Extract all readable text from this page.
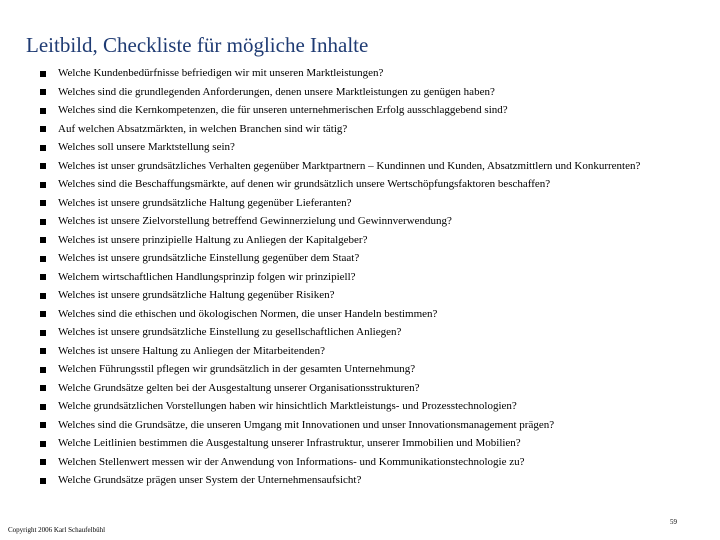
Leitbild, Checkliste für mögliche Inhalte
Welche Kundenbedürfnisse befriedigen wir mit unseren Marktleistungen?
Welches sind die grundlegenden Anforderungen, denen unsere Marktleistungen zu genügen haben?
Welches sind die Kernkompetenzen, die für unseren unternehmerischen Erfolg ausschlaggebend sind?
Auf welchen Absatzmärkten, in welchen Branchen sind wir tätig?
Welches soll unsere Marktstellung sein?
Welches ist unser grundsätzliches Verhalten gegenüber Marktpartnern – Kundinnen und Kunden, Absatzmittlern und Konkurrenten?
Welches sind die Beschaffungsmärkte, auf denen wir grundsätzlich unsere Wertschöpfungsfaktoren beschaffen?
Welches ist unsere grundsätzliche Haltung gegenüber Lieferanten?
Welches ist unsere Zielvorstellung betreffend Gewinnerzielung und Gewinnverwendung?
Welches ist unsere prinzipielle Haltung zu Anliegen der Kapitalgeber?
Welches ist unsere grundsätzliche Einstellung gegenüber dem Staat?
Welchem wirtschaftlichen Handlungsprinzip folgen wir prinzipiell?
Welches ist unsere grundsätzliche Haltung gegenüber Risiken?
Welches sind die ethischen und ökologischen Normen, die unser Handeln bestimmen?
Welches ist unsere grundsätzliche Einstellung zu gesellschaftlichen Anliegen?
Welches ist unsere Haltung zu Anliegen der Mitarbeitenden?
Welchen Führungsstil pflegen wir grundsätzlich in der gesamten Unternehmung?
Welche Grundsätze gelten bei der Ausgestaltung unserer Organisationsstrukturen?
Welche grundsätzlichen Vorstellungen haben wir hinsichtlich Marktleistungs- und Prozesstechnologien?
Welches sind die Grundsätze, die unseren Umgang mit Innovationen und unser Innovationsmanagement prägen?
Welche Leitlinien bestimmen die Ausgestaltung unserer Infrastruktur, unserer Immobilien und Mobilien?
Welchen Stellenwert messen wir der Anwendung von Informations- und Kommunikationstechnologie zu?
Welche Grundsätze prägen unser System der Unternehmensaufsicht?
Copyright 2006 Karl Schaufelbühl
59
